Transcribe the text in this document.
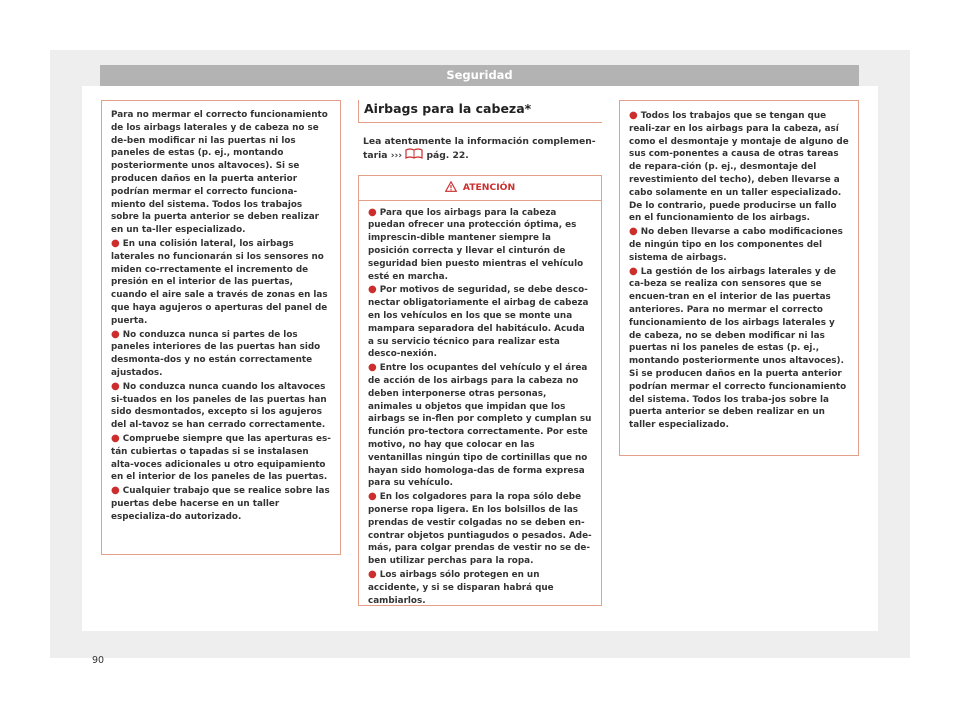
Seguridad

Para no mermar el correcto funcionamiento de los airbags laterales y de cabeza no se de-ben modificar ni las puertas ni los paneles de estas (p. ej., montando posteriormente unos altavoces). Si se producen daños en la puerta anterior podrían mermar el correcto funciona-miento del sistema. Todos los trabajos sobre la puerta anterior se deben realizar en un ta-ller especializado.

● En una colisión lateral, los airbags laterales no funcionarán si los sensores no miden co-rrectamente el incremento de presión en el interior de las puertas, cuando el aire sale a través de zonas en las que haya agujeros o aperturas del panel de puerta.

● No conduzca nunca si partes de los paneles interiores de las puertas han sido desmonta-dos y no están correctamente ajustados.

● No conduzca nunca cuando los altavoces si-tuados en los paneles de las puertas han sido desmontados, excepto si los agujeros del al-tavoz se han cerrado correctamente.

● Compruebe siempre que las aperturas es-tán cubiertas o tapadas si se instalasen alta-voces adicionales u otro equipamiento en el interior de los paneles de las puertas.

● Cualquier trabajo que se realice sobre las puertas debe hacerse en un taller especializa-do autorizado.

Airbags para la cabeza*

Lea atentamente la información complemen-taria ›››	pág. 22.

ATENCIÓN

● Para que los airbags para la cabeza puedan ofrecer una protección óptima, es imprescin-dible mantener siempre la posición correcta y llevar el cinturón de seguridad bien puesto mientras el vehículo esté en marcha.

● Por motivos de seguridad, se debe desco-nectar obligatoriamente el airbag de cabeza en los vehículos en los que se monte una mampara separadora del habitáculo. Acuda a su servicio técnico para realizar esta desco-nexión.

● Entre los ocupantes del vehículo y el área de acción de los airbags para la cabeza no deben interponerse otras personas, animales u objetos que impidan que los airbags se in-flen por completo y cumplan su función pro-tectora correctamente. Por este motivo, no hay que colocar en las ventanillas ningún tipo de cortinillas que no hayan sido homologa-das de forma expresa para su vehículo.

● En los colgadores para la ropa sólo debe ponerse ropa ligera. En los bolsillos de las prendas de vestir colgadas no se deben en-contrar objetos puntiagudos o pesados. Ade-más, para colgar prendas de vestir no se de-ben utilizar perchas para la ropa.

● Los airbags sólo protegen en un accidente, y si se disparan habrá que cambiarlos.

● Todos los trabajos que se tengan que reali-zar en los airbags para la cabeza, así como el desmontaje y montaje de alguno de sus com-ponentes a causa de otras tareas de repara-ción (p. ej., desmontaje del revestimiento del techo), deben llevarse a cabo solamente en un taller especializado. De lo contrario, puede producirse un fallo en el funcionamiento de los airbags.

● No deben llevarse a cabo modificaciones de ningún tipo en los componentes del sistema de airbags.

● La gestión de los airbags laterales y de ca-beza se realiza con sensores que se encuen-tran en el interior de las puertas anteriores. Para no mermar el correcto funcionamiento de los airbags laterales y de cabeza, no se deben modificar ni las puertas ni los paneles de estas (p. ej., montando posteriormente unos altavoces). Si se producen daños en la puerta anterior podrían mermar el correcto funcionamiento del sistema. Todos los traba-jos sobre la puerta anterior se deben realizar en un taller especializado.

90
